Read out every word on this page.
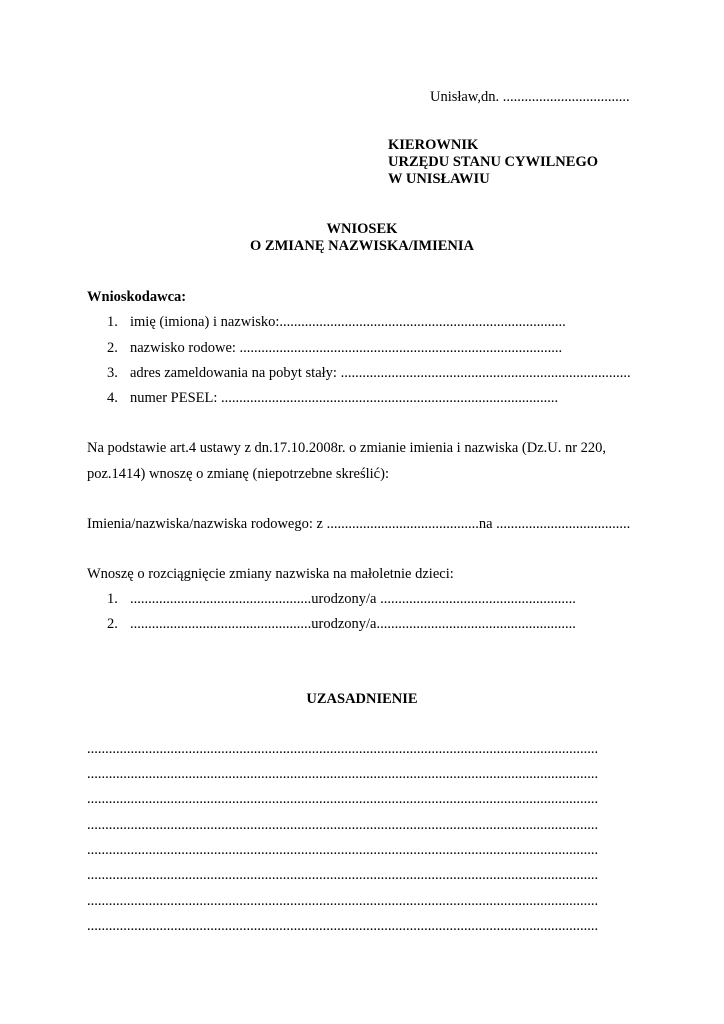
Unisław,dn. ...................................
KIEROWNIK
URZĘDU STANU CYWILNEGO
W UNISŁAWIU
WNIOSEK
O ZMIANĘ NAZWISKA/IMIENIA
Wnioskodawca:
1. imię (imiona) i nazwisko:...............................................................................
2. nazwisko rodowe: .........................................................................................
3. adres zameldowania na pobyt stały: ................................................................................
4. numer PESEL: .............................................................................................
Na podstawie art.4 ustawy z dn.17.10.2008r. o zmianie imienia i nazwiska (Dz.U. nr 220,
poz.1414) wnoszę o zmianę (niepotrzebne skreślić):
Imienia/nazwiska/nazwiska rodowego: z ..........................................na .....................................
Wnoszę o rozciągnięcie zmiany nazwiska na małoletnie dzieci:
1. ..................................................urodzony/a ......................................................
2. ..................................................urodzony/a.......................................................
UZASADNIENIE
.............................................................................................................................................
.............................................................................................................................................
.............................................................................................................................................
.............................................................................................................................................
.............................................................................................................................................
.............................................................................................................................................
.............................................................................................................................................
.............................................................................................................................................
